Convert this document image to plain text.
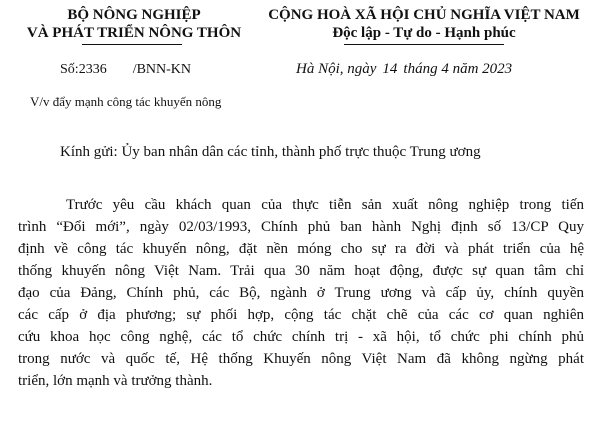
BỘ NÔNG NGHIỆP
VÀ PHÁT TRIỂN NÔNG THÔN
CỘNG HOÀ XÃ HỘI CHỦ NGHĨA VIỆT NAM
Độc lập - Tự do - Hạnh phúc
Số:2336 /BNN-KN	Hà Nội, ngày 14 tháng 4 năm 2023
V/v đẩy mạnh công tác khuyến nông
Kính gửi: Ủy ban nhân dân các tỉnh, thành phố trực thuộc Trung ương
Trước yêu cầu khách quan của thực tiễn sản xuất nông nghiệp trong tiến
trình “Đổi mới”, ngày 02/03/1993, Chính phủ ban hành Nghị định số 13/CP Quy
định về công tác khuyến nông, đặt nền móng cho sự ra đời và phát triển của hệ
thống khuyến nông Việt Nam. Trải qua 30 năm hoạt động, được sự quan tâm chỉ
đạo của Đảng, Chính phủ, các Bộ, ngành ở Trung ương và cấp ủy, chính quyền
các cấp ở địa phương; sự phối hợp, cộng tác chặt chẽ của các cơ quan nghiên
cứu khoa học công nghệ, các tổ chức chính trị - xã hội, tổ chức phi chính phủ
trong nước và quốc tế, Hệ thống Khuyến nông Việt Nam đã không ngừng phát
triển, lớn mạnh và trưởng thành.
